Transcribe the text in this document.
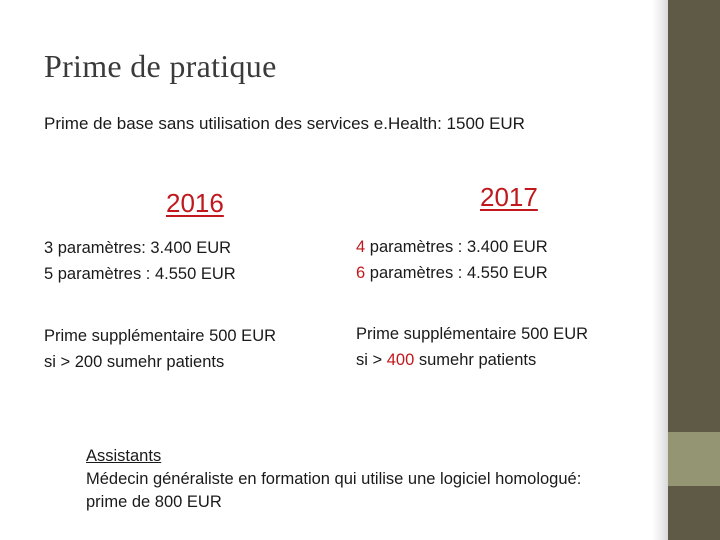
Prime de pratique
Prime de base sans utilisation des services e.Health: 1500 EUR
2016	2017
3 paramètres: 3.400 EUR
5 paramètres : 4.550 EUR
4 paramètres : 3.400 EUR
6 paramètres : 4.550 EUR
Prime supplémentaire 500 EUR
si > 200 sumehr patients
Prime supplémentaire 500 EUR
si > 400 sumehr patients
Assistants
Médecin généraliste en formation qui utilise une logiciel homologué:
prime de 800 EUR
